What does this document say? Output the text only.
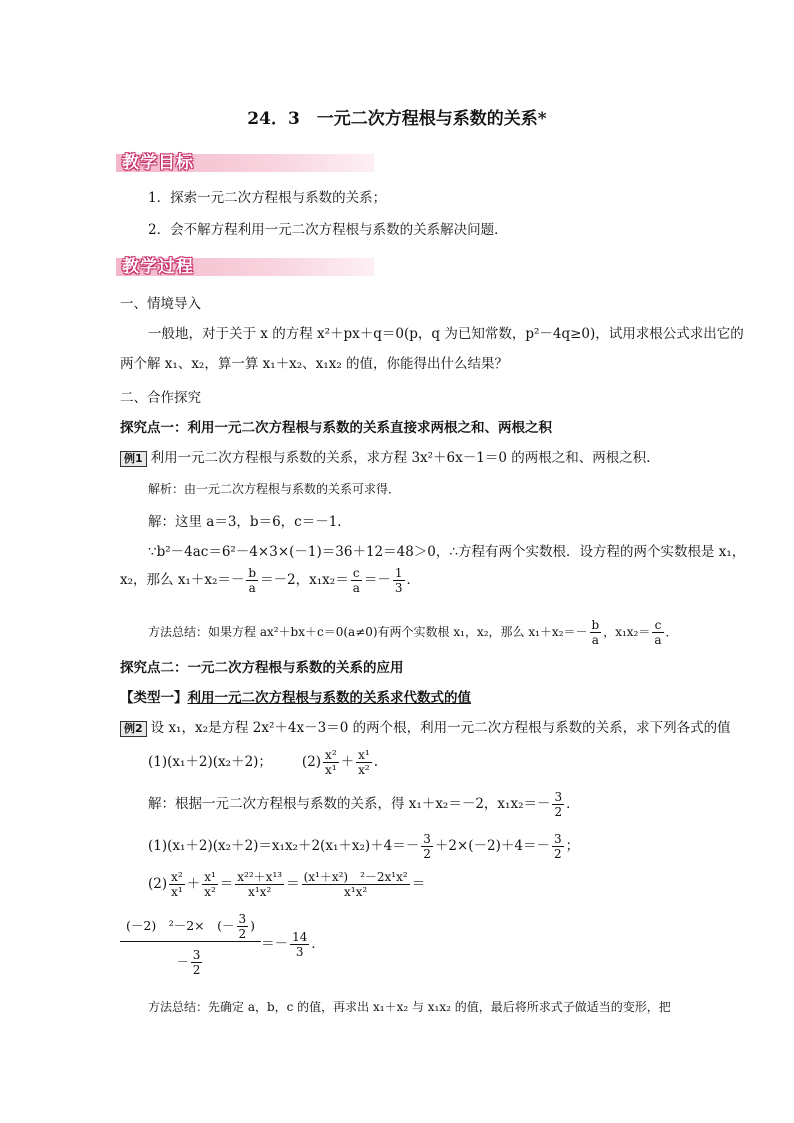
24．3　一元二次方程根与系数的关系*
教学目标
1．探索一元二次方程根与系数的关系；
2．会不解方程利用一元二次方程根与系数的关系解决问题．
教学过程
一、情境导入
一般地，对于关于 x 的方程 x²＋px＋q＝0(p，q 为已知常数，p²－4q≥0)，试用求根公式求出它的
两个解 x₁、x₂，算一算 x₁＋x₂、x₁x₂ 的值，你能得出什么结果？
二、合作探究
探究点一：利用一元二次方程根与系数的关系直接求两根之和、两根之积
例1 利用一元二次方程根与系数的关系，求方程 3x²＋6x－1＝0 的两根之和、两根之积．
解析：由一元二次方程根与系数的关系可求得．
解：这里 a＝3，b＝6，c＝－1．
∵b²－4ac＝6²－4×3×(－1)＝36＋12＝48＞0，∴方程有两个实数根．设方程的两个实数根是 x₁，
x₂，那么 $x_1+x_2=- \frac{b}{a} =-2$，$x_1x_2= \frac{c}{a} =- \frac{1}{3}$ ．
方法总结：如果方程 ax²＋bx＋c＝0(a≠0)有两个实数根 x₁，x₂，那么 $x_1+x_2=- \frac{b}{a}$ ，$x_1x_2= \frac{c}{a}$ ．
探究点二：一元二次方程根与系数的关系的应用
【类型一】利用一元二次方程根与系数的关系求代数式的值
例2 设 x₁，x₂是方程 2x²＋4x－3＝0 的两个根，利用一元二次方程根与系数的关系，求下列各式的值
(1)(x₁＋2)(x₂＋2)； $(2) \frac{\text{x²}}{\text{x¹}} + \frac{\text{x¹}}{\text{x²}}$ .
解：根据一元二次方程根与系数的关系，得 x₁＋x₂＝－2，$x_1x_2=- \frac{3}{2}$ ．
$(1)(x_1+2)(x_2+2)=x_1x_2+2(x_1+x_2)+4=- \frac{3}{2} +2\times(-2)+4=- \frac{3}{2}$ ；
$(2) \frac{\text{x²}}{\text{x¹}} + \frac{\text{x¹}}{\text{x²}} = \frac{\text{x²²＋x¹³}}{\text{x¹x²}} = \frac{\text{(x¹＋x²)　²－2x¹x²}}{\text{x¹x²}}$ ＝
$\frac{(-2) ^2-2\times (- \frac{3}{2} )}{- \frac{3}{2}} =- \frac{14}{3}$ ．
方法总结：先确定 a，b，c 的值，再求出 x₁＋x₂ 与 x₁x₂ 的值，最后将所求式子做适当的变形，把
